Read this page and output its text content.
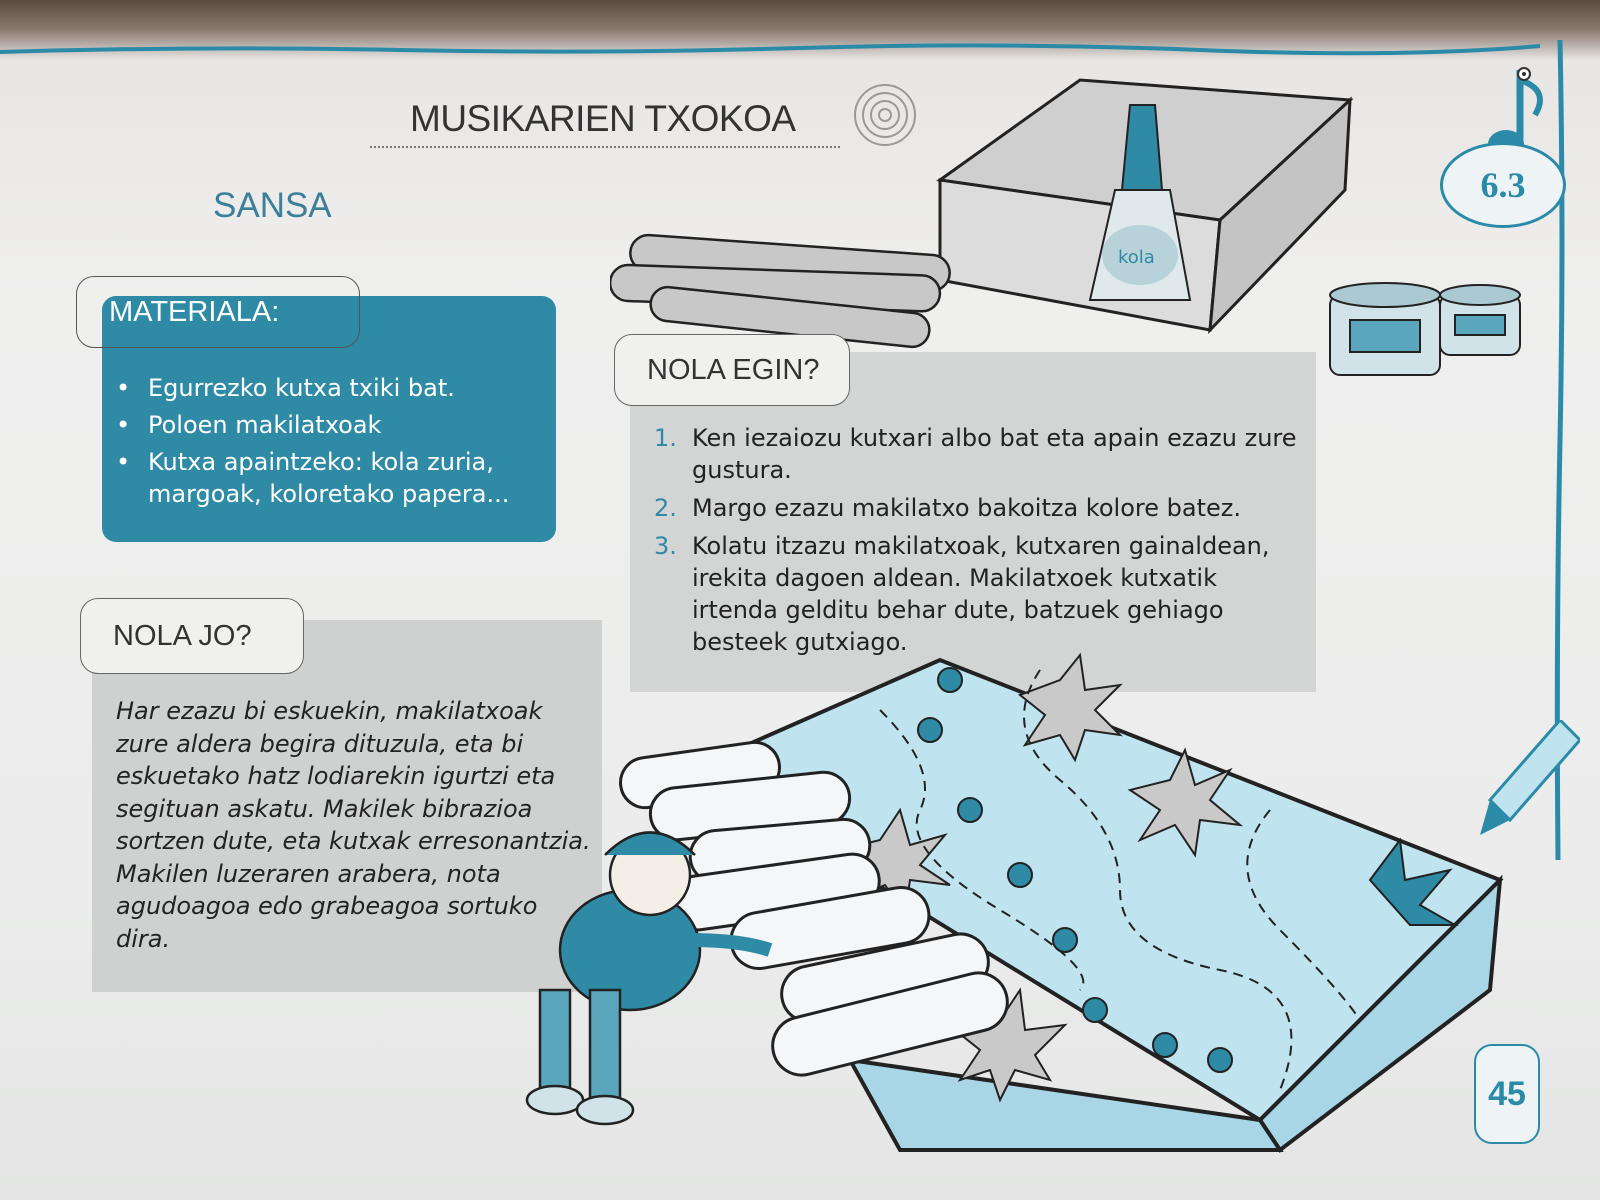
MUSIKARIEN TXOKOA
6.3
SANSA
kola
MATERIALA:
• Egurrezko kutxa txiki bat.
• Poloen makilatxoak
• Kutxa apaintzeko: kola zuria, margoak, koloretako papera...
NOLA EGIN?
1. Ken iezaiozu kutxari albo bat eta apain ezazu zure gustura.
2. Margo ezazu makilatxo bakoitza kolore batez.
3. Kolatu itzazu makilatxoak, kutxaren gainaldean, irekita dagoen aldean. Makilatxoek kutxatik irtenda gelditu behar dute, batzuek gehiago besteek gutxiago.
NOLA JO?

Har ezazu bi eskuekin, makilatxoak zure aldera begira dituzula, eta bi eskuetako hatz lodiarekin igurtzi eta segituan askatu. Makilek bibrazioa sortzen dute, eta kutxak erresonantzia. Makilen luzeraren arabera, nota agudoagoa edo grabeagoa sortuko dira.

45
